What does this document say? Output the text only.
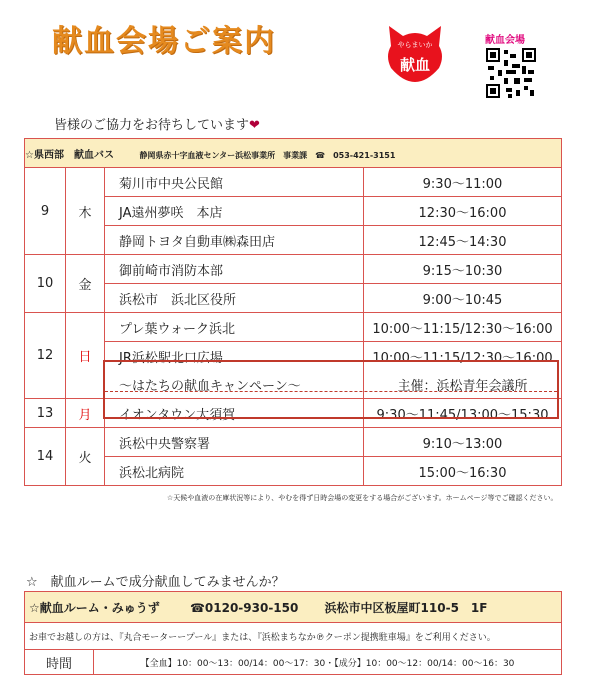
献血会場ご案内	やらまいか
献血
献血会場
皆様のご協力をお待ちしています❤
☆県西部　献血バス 静岡県赤十字血液センター浜松事業所　事業課　☎　053-421-3151			
9	木	菊川市中央公民館	9:30〜11:00
		JA遠州夢咲　本店	12:30〜16:00
		静岡トヨタ自動車㈱森田店	12:45〜14:30
10	金	御前崎市消防本部	9:15〜10:30
		浜松市　浜北区役所	9:00〜10:45
12	日	プレ葉ウォーク浜北	10:00〜11:15/12:30〜16:00
		JR浜松駅北口広場	10:00〜11:15/12:30〜16:00
		〜はたちの献血キャンペーン〜	主催：浜松青年会議所
13	月	イオンタウン大須賀	9:30〜11:45/13:00〜15:30
14	火	浜松中央警察署	9:10〜13:00
		浜松北病院	15:00〜16:30
☆天候や血液の在庫状況等により、やむを得ず日時会場の変更をする場合がございます。ホームページ等でご確認ください。			
☆　献血ルームで成分献血してみませんか？
☆献血ルーム・みゅうず	☎0120-930-150 浜松市中区板屋町110-5　1F
お車でお越しの方は、『丸合モーターープール』または、『浜松まちなか℗クーポン提携駐車場』をご利用ください。
時間	【全血】10：00〜13：00/14：00〜17：30・【成分】10：00〜12：00/14：00〜16：30
